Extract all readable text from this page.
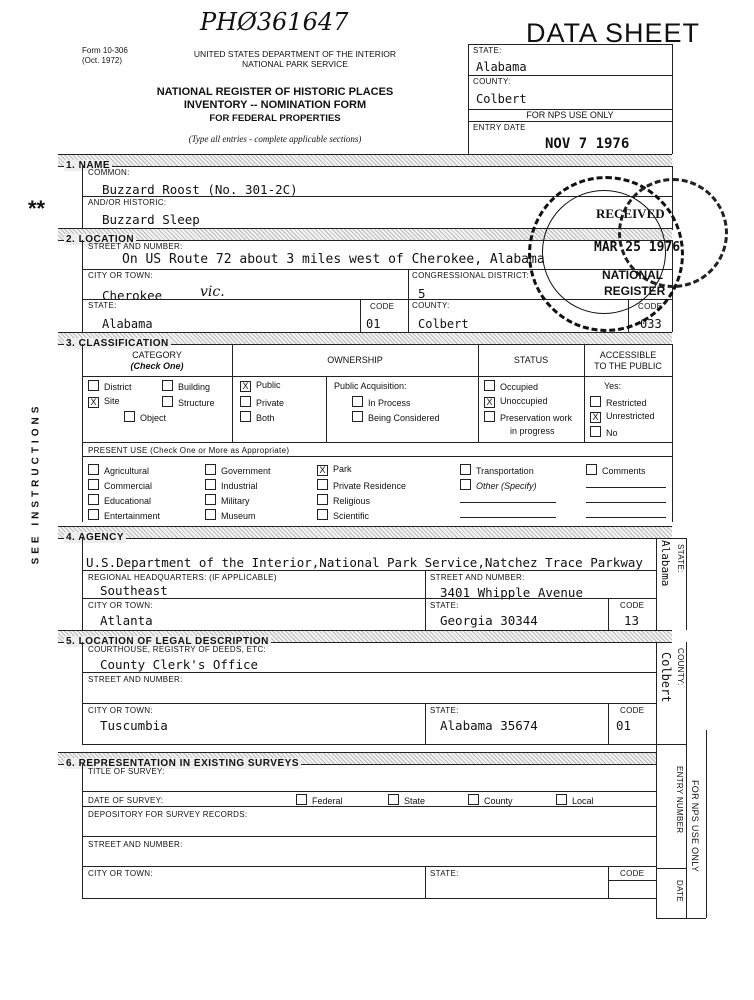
PHØ361647	DATA SHEET
Form 10-306
(Oct. 1972)
UNITED STATES DEPARTMENT OF THE INTERIOR
NATIONAL PARK SERVICE
NATIONAL REGISTER OF HISTORIC PLACES
INVENTORY -- NOMINATION FORM
FOR FEDERAL PROPERTIES
(Type all entries - complete applicable sections)
STATE:
Alabama
COUNTY:
Colbert
FOR NPS USE ONLY
ENTRY DATE
NOV 7 1976
SEE INSTRUCTIONS
**
1. NAME
COMMON:
Buzzard Roost (No. 301-2C)
AND/OR HISTORIC:
Buzzard Sleep
2. LOCATION
STREET AND NUMBER:
On US Route 72 about 3 miles west of Cherokee, Alabama
CITY OR TOWN:
Cherokee	vic.
CONGRESSIONAL DISTRICT:
5
STATE:
Alabama
CODE
01
COUNTY:
Colbert
CODE
033
RECEIVED
MAR 25 1976
NATIONAL
REGISTER
3. CLASSIFICATION
CATEGORY
(Check One)
OWNERSHIP	STATUS	ACCESSIBLE
TO THE PUBLIC
District	Building
X Site	Structure
Object
X Public
Private
Both
Public Acquisition:
In Process
Being Considered
Occupied
X Unoccupied
Preservation work
in progress
Yes:
Restricted
X Unrestricted
No
PRESENT USE (Check One or More as Appropriate)
Agricultural
Commercial
Educational
Entertainment
Government
Industrial
Military
Museum
X Park
Private Residence
Religious
Scientific
Transportation
Other (Specify)
Comments
4. AGENCY
U.S.Department of the Interior,National Park Service,Natchez Trace Parkway	STATE:
Alabama
REGIONAL HEADQUARTERS: (IF APPLICABLE)
Southeast
STREET AND NUMBER:
3401 Whipple Avenue
CITY OR TOWN:
Atlanta
STATE:
Georgia 30344
CODE
13
5. LOCATION OF LEGAL DESCRIPTION
COURTHOUSE, REGISTRY OF DEEDS, ETC:
County Clerk's Office	COUNTY:
Colbert
STREET AND NUMBER:
CITY OR TOWN:
Tuscumbia
STATE:
Alabama 35674
CODE
01
6. REPRESENTATION IN EXISTING SURVEYS
FOR NPS USE ONLY
ENTRY NUMBER
DATE
TITLE OF SURVEY:
DATE OF SURVEY:	Federal	State	County	Local
DEPOSITORY FOR SURVEY RECORDS:
STREET AND NUMBER:
CITY OR TOWN:	STATE:	CODE
